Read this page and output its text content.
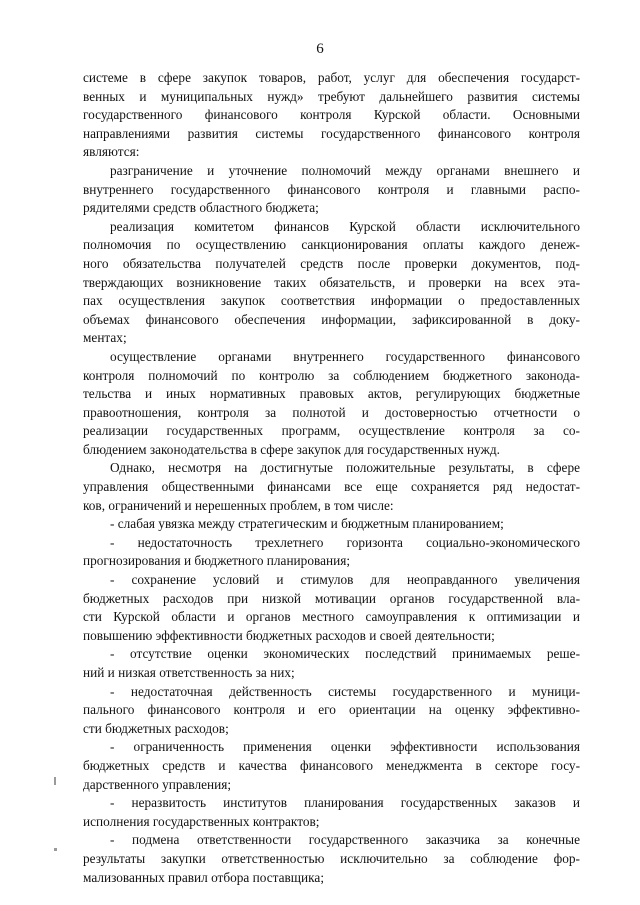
6
системе в сфере закупок товаров, работ, услуг для обеспечения государст-
венных и муниципальных нужд» требуют дальнейшего развития системы
государственного финансового контроля Курской области. Основными
направлениями развития системы государственного финансового контроля
являются:
разграничение и уточнение полномочий между органами внешнего и
внутреннего государственного финансового контроля и главными распо-
рядителями средств областного бюджета;
реализация комитетом финансов Курской области исключительного
полномочия по осуществлению санкционирования оплаты каждого денеж-
ного обязательства получателей средств после проверки документов, под-
тверждающих возникновение таких обязательств, и проверки на всех эта-
пах осуществления закупок соответствия информации о предоставленных
объемах финансового обеспечения информации, зафиксированной в доку-
ментах;
осуществление органами внутреннего государственного финансового
контроля полномочий по контролю за соблюдением бюджетного законода-
тельства и иных нормативных правовых актов, регулирующих бюджетные
правоотношения, контроля за полнотой и достоверностью отчетности о
реализации государственных программ, осуществление контроля за со-
блюдением законодательства в сфере закупок для государственных нужд.
Однако, несмотря на достигнутые положительные результаты, в сфере
управления общественными финансами все еще сохраняется ряд недостат-
ков, ограничений и нерешенных проблем, в том числе:
- слабая увязка между стратегическим и бюджетным планированием;
- недостаточность трехлетнего горизонта социально-экономического
прогнозирования и бюджетного планирования;
- сохранение условий и стимулов для неоправданного увеличения
бюджетных расходов при низкой мотивации органов государственной вла-
сти Курской области и органов местного самоуправления к оптимизации и
повышению эффективности бюджетных расходов и своей деятельности;
- отсутствие оценки экономических последствий принимаемых реше-
ний и низкая ответственность за них;
- недостаточная действенность системы государственного и муници-
пального финансового контроля и его ориентации на оценку эффективно-
сти бюджетных расходов;
- ограниченность применения оценки эффективности использования
бюджетных средств и качества финансового менеджмента в секторе госу-
дарственного управления;
- неразвитость институтов планирования государственных заказов и
исполнения государственных контрактов;
- подмена ответственности государственного заказчика за конечные
результаты закупки ответственностью исключительно за соблюдение фор-
мализованных правил отбора поставщика;
